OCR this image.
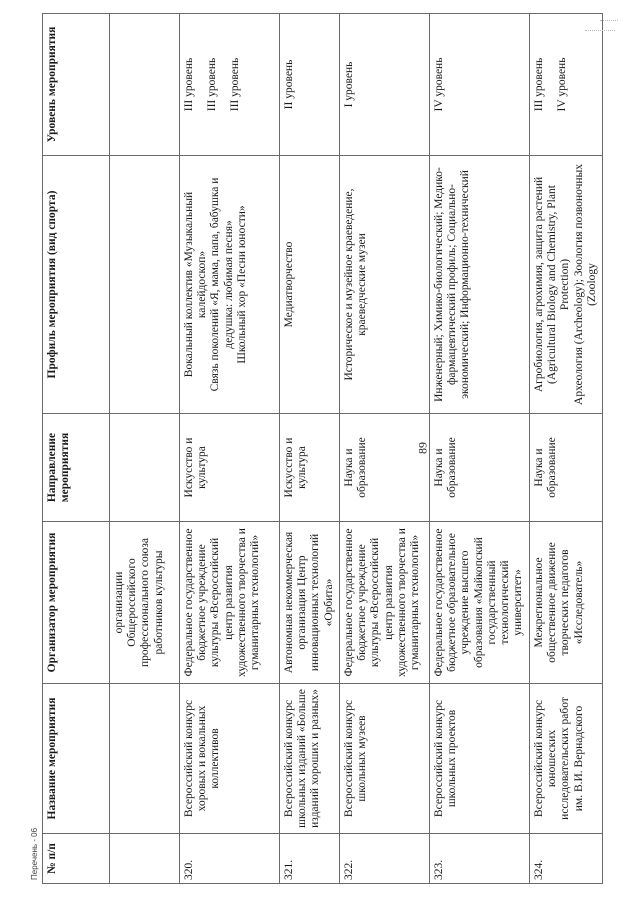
89
№ п/п	Название мероприятия	Организатор мероприятия	Направление мероприятия	Профиль мероприятия (вид спорта)	Уровень мероприятия
		организации Общероссийского профессионального союза работников культуры			
320.	Всероссийский конкурс хоровых и вокальных коллективов	Федеральное государственное бюджетное учреждение культуры «Всероссийский центр развития художественного творчества и гуманитарных технологий»	Искусство и культура	Вокальный коллектив «Музыкальный калейдоскоп» Связь поколений «Я, мама, папа, бабушка и дедушка: любимая песня» Школьный хор «Песни юности»	III уровень III уровень III уровень

321.	Всероссийский конкурс школьных изданий «Больше изданий хороших и разных»	Автономная некоммерческая организация Центр инновационных технологий «Орбита»	Искусство и культура	Медиатворчество	II уровень

322.	Всероссийский конкурс школьных музеев	Федеральное государственное бюджетное учреждение культуры «Всероссийский центр развития художественного творчества и гуманитарных технологий»	Наука и образование	Историческое и музейное краеведение, краеведческие музеи	I уровень

323.	Всероссийский конкурс школьных проектов	Федеральное государственное бюджетное образовательное учреждение высшего образования «Майкопский государственный технологический университет»	Наука и образование	Инженерный; Химико-биологический; Медико-фармацевтический профиль; Социально-экономический; Информационно-технический	IV уровень

324.	Всероссийский конкурс юношеских исследовательских работ им. В.И. Вернадского	Межрегиональное общественное движение творческих педагогов «Исследователь»	Наука и образование	Агробиология, агрохимия, защита растений (Agricultural Biology and Chemistry, Plant Protection) Археология (Archeology); Зоология позвоночных (Zoology	III уровень IV уровень
Перечень - 06
